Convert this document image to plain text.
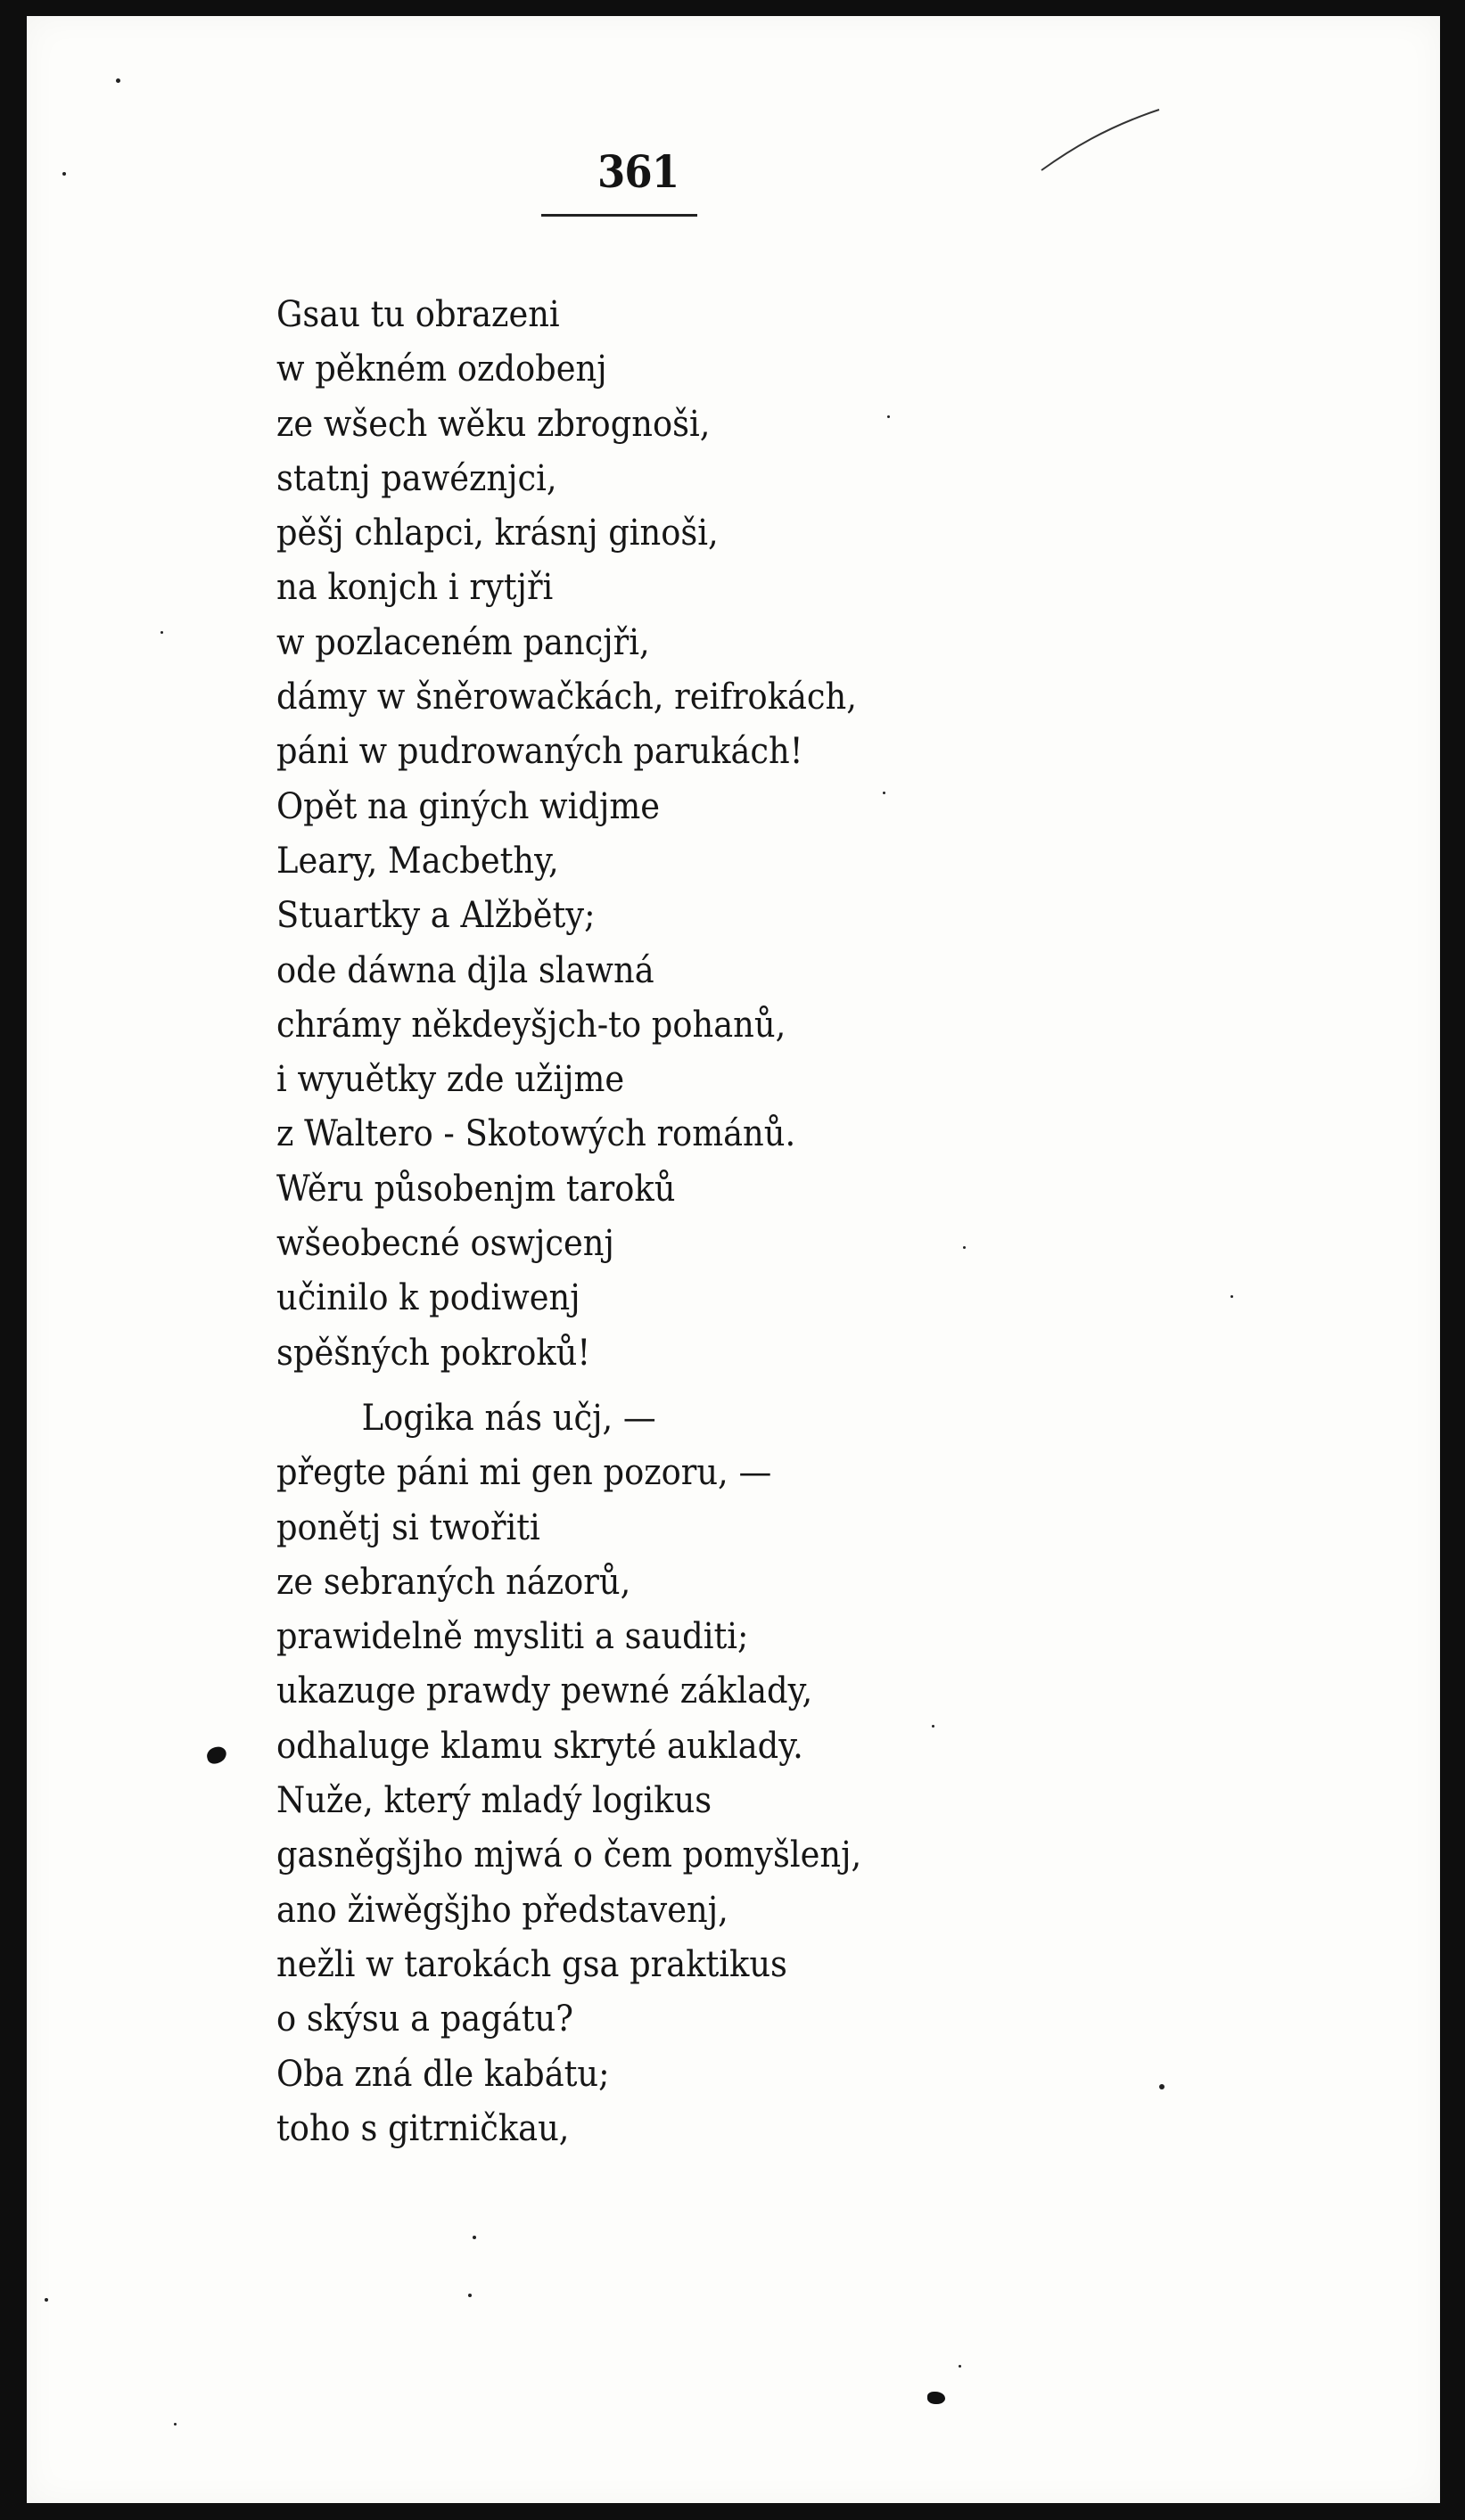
361
Gsau tu obrazeni
w pěkném ozdobenj
ze wšech wěku zbrognoši,
statnj pawéznjci,
pěšj chlapci, krásnj ginoši,
na konjch i rytjři
w pozlaceném pancjři,
dámy w šněrowačkách, reifrokách,
páni w pudrowaných parukách!
Opět na giných widjme
Leary, Macbethy,
Stuartky a Alžběty;
ode dáwna djla slawná
chrámy někdeyšjch-to pohanů,
i wyuětky zde užijme
z Waltero - Skotowých románů.
Wěru působenjm taroků
wšeobecné oswjcenj
učinilo k podiwenj
spěšných pokroků!
Logika nás učj, —
přegte páni mi gen pozoru, —
ponětj si twořiti
ze sebraných názorů,
prawidelně mysliti a sauditi;
ukazuge prawdy pewné základy,
odhaluge klamu skryté auklady.
Nuže, který mladý logikus
gasněgšjho mjwá o čem pomyšlenj,
ano žiwěgšjho představenj,
nežli w tarokách gsa praktikus
o skýsu a pagátu?
Oba zná dle kabátu;
toho s gitrničkau,
